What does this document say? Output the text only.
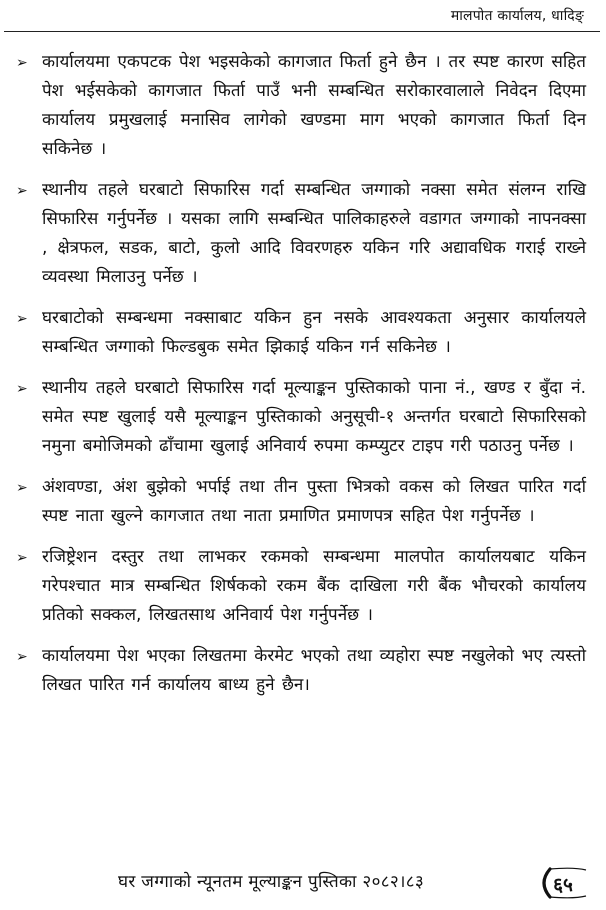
मालपोत कार्यालय, धादिङ्
➢ कार्यालयमा एकपटक पेश भइसकेको कागजात फिर्ता हुने छैन । तर स्पष्ट कारण सहित पेश भईसकेको कागजात फिर्ता पाउँ भनी सम्बन्धित सरोकारवालाले निवेदन दिएमा कार्यालय प्रमुखलाई मनासिव लागेको खण्डमा माग भएको कागजात फिर्ता दिन सकिनेछ ।
➢ स्थानीय तहले घरबाटो सिफारिस गर्दा सम्बन्धित जग्गाको नक्सा समेत संलग्न राखि सिफारिस गर्नुपर्नेछ । यसका लागि सम्बन्धित पालिकाहरुले वडागत जग्गाको नापनक्सा , क्षेत्रफल, सडक, बाटो, कुलो आदि विवरणहरु यकिन गरि अद्यावधिक गराई राख्ने व्यवस्था मिलाउनु पर्नेछ ।
➢ घरबाटोको सम्बन्धमा नक्साबाट यकिन हुन नसके आवश्यकता अनुसार कार्यालयले सम्बन्धित जग्गाको फिल्डबुक समेत झिकाई यकिन गर्न सकिनेछ ।
➢ स्थानीय तहले घरबाटो सिफारिस गर्दा मूल्याङ्कन पुस्तिकाको पाना नं., खण्ड र बुँदा नं. समेत स्पष्ट खुलाई यसै मूल्याङ्कन पुस्तिकाको अनुसूची-१ अन्तर्गत घरबाटो सिफारिसको नमुना बमोजिमको ढाँचामा खुलाई अनिवार्य रुपमा कम्प्युटर टाइप गरी पठाउनु पर्नेछ ।
➢ अंशवण्डा, अंश बुझेको भर्पाई तथा तीन पुस्ता भित्रको वकस को लिखत पारित गर्दा स्पष्ट नाता खुल्ने कागजात तथा नाता प्रमाणित प्रमाणपत्र सहित पेश गर्नुपर्नेछ ।
➢ रजिष्ट्रेशन दस्तुर तथा लाभकर रकमको सम्बन्धमा मालपोत कार्यालयबाट यकिन गरेपश्चात मात्र सम्बन्धित शिर्षकको रकम बैंक दाखिला गरी बैंक भौचरको कार्यालय प्रतिको सक्कल, लिखतसाथ अनिवार्य पेश गर्नुपर्नेछ ।
➢ कार्यालयमा पेश भएका लिखतमा केरमेट भएको तथा व्यहोरा स्पष्ट नखुलेको भए त्यस्तो लिखत पारित गर्न कार्यालय बाध्य हुने छैन।
घर जग्गाको न्यूनतम मूल्याङ्कन पुस्तिका २०८२।८३	६५
